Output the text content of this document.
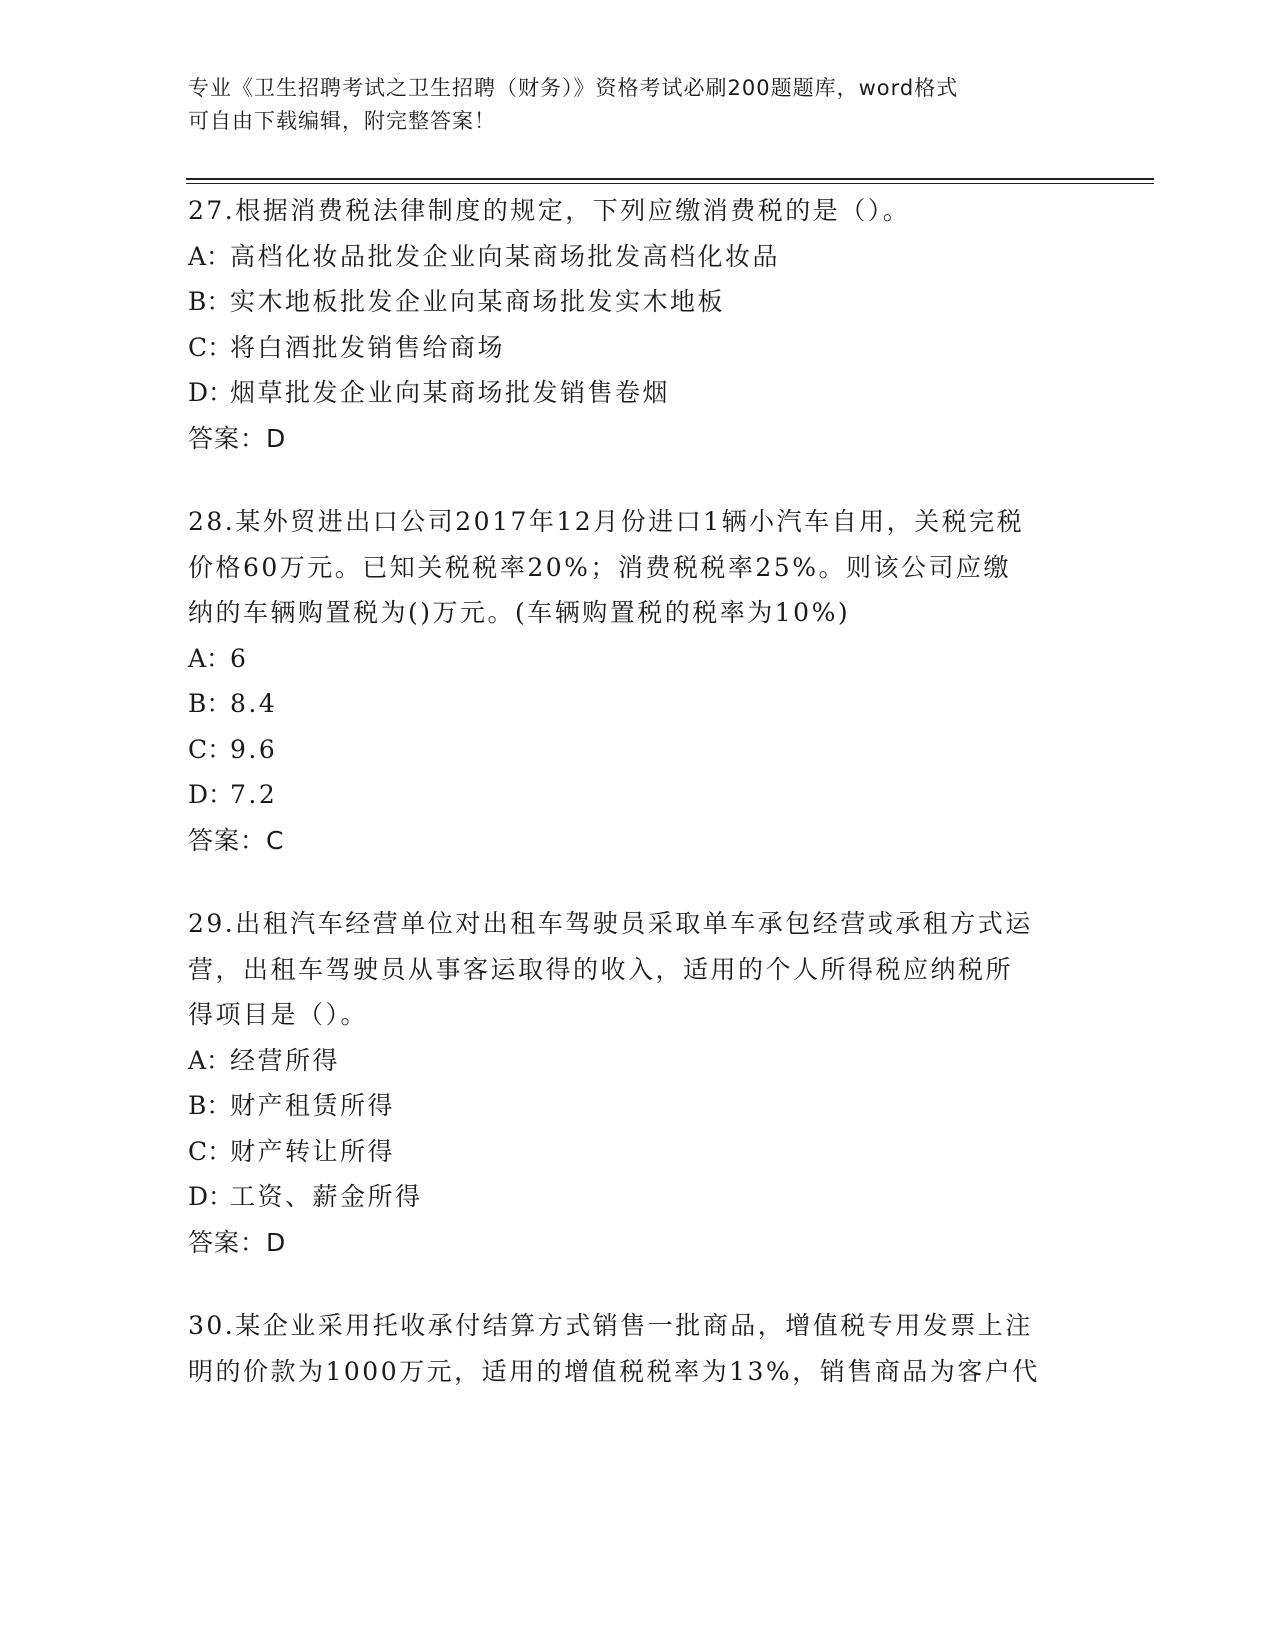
专业《卫生招聘考试之卫生招聘（财务）》资格考试必刷200题题库，word格式
可自由下载编辑，附完整答案！
27.根据消费税法律制度的规定，下列应缴消费税的是（）。
A：高档化妆品批发企业向某商场批发高档化妆品
B：实木地板批发企业向某商场批发实木地板
C：将白酒批发销售给商场
D：烟草批发企业向某商场批发销售卷烟
答案：D
28.某外贸进出口公司2017年12月份进口1辆小汽车自用，关税完税
价格60万元。已知关税税率20%；消费税税率25%。则该公司应缴
纳的车辆购置税为()万元。(车辆购置税的税率为10%)
A：6
B：8.4
C：9.6
D：7.2
答案：C
29.出租汽车经营单位对出租车驾驶员采取单车承包经营或承租方式运
营，出租车驾驶员从事客运取得的收入，适用的个人所得税应纳税所
得项目是（）。
A：经营所得
B：财产租赁所得
C：财产转让所得
D：工资、薪金所得
答案：D
30.某企业采用托收承付结算方式销售一批商品，增值税专用发票上注
明的价款为1000万元，适用的增值税税率为13%，销售商品为客户代
